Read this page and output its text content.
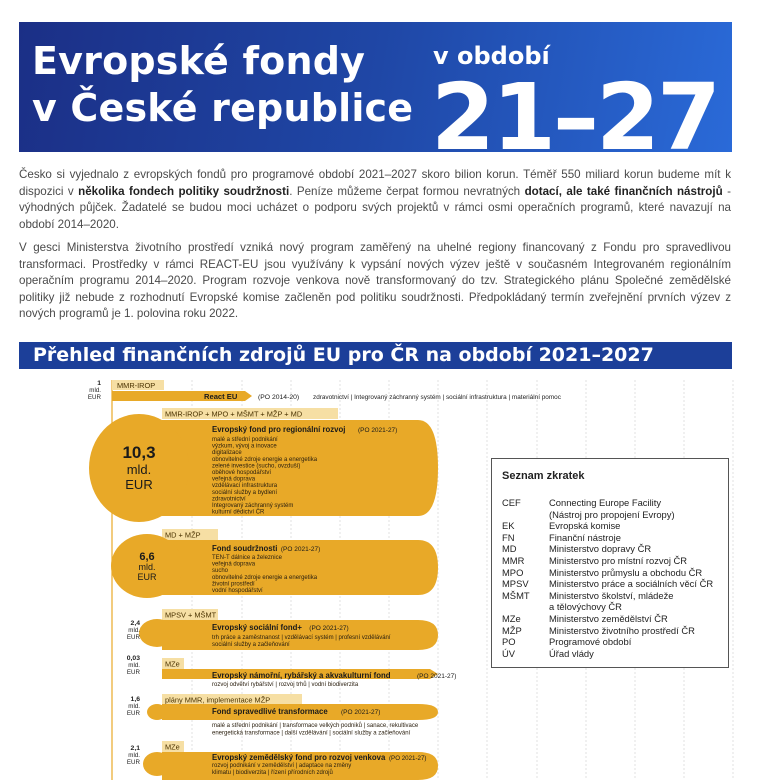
Evropské fondy
v České republice
v období
21–27
Česko si vyjednalo z evropských fondů pro programové období 2021–2027 skoro bilion korun. Téměř 550 miliard korun budeme mít k dispozici v několika fondech politiky soudržnosti. Peníze můžeme čerpat formou nevratných dotací, ale také finančních nástrojů - výhodných půjček. Žadatelé se budou moci ucházet o podporu svých projektů v rámci osmi operačních programů, které navazují na období 2014–2020.
V gesci Ministerstva životního prostředí vzniká nový program zaměřený na uhelné regiony financovaný z Fondu pro spravedlivou transformaci. Prostředky v rámci REACT-EU jsou využívány k vypsání nových výzev ještě v současném Integrovaném regionálním operačním programu 2014–2020. Program rozvoje venkova nově transformovaný do tzv. Strategického plánu Společné zemědělské politiky již nebude z rozhodnutí Evropské komise začleněn pod politiku soudržnosti. Předpokládaný termín zveřejnění prvních výzev z nových programů je 1. polovina roku 2022.
Přehled finančních zdrojů EU pro ČR na období 2021–2027
1
mld.
EUR
MMR-IROP
React EU	(PO 2014-20) zdravotnictví | Integrovaný záchranný systém | sociální infrastruktura | materiální pomoc
MMR-IROP + MPO + MŠMT + MŽP + MD
10,3
mld.
EUR
Evropský fond pro regionální rozvoj (PO 2021-27)
malé a střední podnikání
výzkum, vývoj a inovace
digitalizace
obnovitelné zdroje energie a energetika
zelené investice (sucho, ovzduší)
oběhové hospodářství
veřejná doprava
vzdělávací infrastruktura
sociální služby a bydlení
zdravotnictví
Integrovaný záchranný systém
kulturní dědictví ČR
MD + MŽP
6,6
mld.
EUR
Fond soudržnosti (PO 2021-27)
TEN-T dálnice a železnice
veřejná doprava
sucho
obnovitelné zdroje energie a energetika
životní prostředí
vodní hospodářství
MPSV + MŠMT
2,4
mld.
EUR
Evropský sociální fond+ (PO 2021-27)
trh práce a zaměstnanost | vzdělávací systém | profesní vzdělávání
sociální služby a začleňování
MZe
0,03
mld.
EUR	Evropský námořní, rybářský a akvakulturní fond	(PO 2021-27)
rozvoj odvětví rybářství | rozvoj trhů | vodní biodiverzita
plány MMR, implementace MŽP
1,6
mld.
EUR	Fond spravedlivé transformace (PO 2021-27)
malé a střední podnikání | transformace velkých podniků | sanace, rekultivace
energetická transformace | další vzdělávání | sociální služby a začleňování
MZe
2,1
mld.
EUR
Evropský zemědělský fond pro rozvoj venkova (PO 2021-27)
rozvoj podnikání v zemědělství | adaptace na změny
klimatu | biodiverzita | řízení přírodních zdrojů
Seznam zkratek
CEF	Connecting Europe Facility
(Nástroj pro propojení Evropy)
EK	Evropská komise
FN	Finanční nástroje
MD	Ministerstvo dopravy ČR
MMR	Ministerstvo pro místní rozvoj ČR
MPO	Ministerstvo průmyslu a obchodu ČR
MPSV Ministerstvo práce a sociálních věcí ČR
MŠMT Ministerstvo školství, mládeže
a tělovýchovy ČR
MZe	Ministerstvo zemědělství ČR
MŽP	Ministerstvo životního prostředí ČR
PO	Programové období
ÚV	Úřad vlády
